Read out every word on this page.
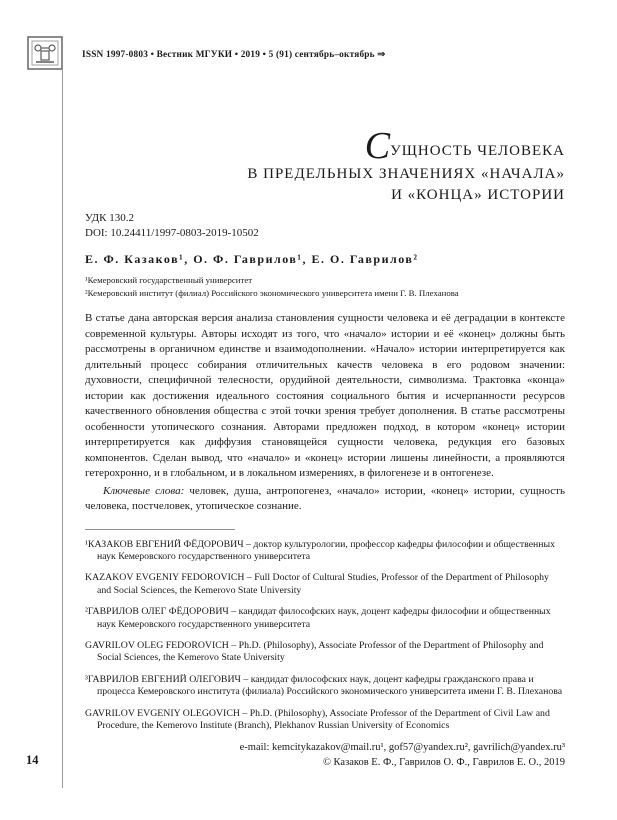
ISSN 1997-0803 • Вестник МГУКИ • 2019 • 5 (91) сентябрь–октябрь ⇒
СУЩНОСТЬ ЧЕЛОВЕКА
В ПРЕДЕЛЬНЫХ ЗНАЧЕНИЯХ «НАЧАЛА»
И «КОНЦА» ИСТОРИИ
УДК 130.2
DOI: 10.24411/1997-0803-2019-10502
Е. Ф. Казаков¹, О. Ф. Гаврилов¹, Е. О. Гаврилов²
¹Кемеровский государственный университет
²Кемеровский институт (филиал) Российского экономического университета имени Г. В. Плеханова

В статье дана авторская версия анализа становления сущности человека и её деградации в контексте современной культуры. Авторы исходят из того, что «начало» истории и её «конец» должны быть рассмотрены в органичном единстве и взаимодополнении. «Начало» истории интерпретируется как длительный процесс собирания отличительных качеств человека в его родовом значении: духовности, специфичной телесности, орудийной деятельности, символизма. Трактовка «конца» истории как достижения идеального состояния социального бытия и исчерпанности ресурсов качественного обновления общества с этой точки зрения требует дополнения. В статье рассмотрены особенности утопического сознания. Авторами предложен подход, в котором «конец» истории интерпретируется как диффузия становящейся сущности человека, редукция его базовых компонентов. Сделан вывод, что «начало» и «конец» истории лишены линейности, а проявляются гетерохронно, и в глобальном, и в локальном измерениях, в филогенезе и в онтогенезе.

Ключевые слова: человек, душа, антропогенез, «начало» истории, «конец» истории, сущность человека, постчеловек, утопическое сознание.

¹КАЗАКОВ ЕВГЕНИЙ ФЁДОРОВИЧ – доктор культурологии, профессор кафедры философии и общественных наук Кемеровского государственного университета
KAZAKOV EVGENIY FEDOROVICH – Full Doctor of Cultural Studies, Professor of the Department of Philosophy and Social Sciences, the Kemerovo State University
²ГАВРИЛОВ ОЛЕГ ФЁДОРОВИЧ – кандидат философских наук, доцент кафедры философии и общественных наук Кемеровского государственного университета
GAVRILOV OLEG FEDOROVICH – Ph.D. (Philosophy), Associate Professor of the Department of Philosophy and Social Sciences, the Kemerovo State University
³ГАВРИЛОВ ЕВГЕНИЙ ОЛЕГОВИЧ – кандидат философских наук, доцент кафедры гражданского права и процесса Кемеровского института (филиала) Российского экономического университета имени Г. В. Плеханова
GAVRILOV EVGENIY OLEGOVICH – Ph.D. (Philosophy), Associate Professor of the Department of Civil Law and Procedure, the Kemerovo Institute (Branch), Plekhanov Russian University of Economics
e-mail: kemcitykazakov@mail.ru¹, gof57@yandex.ru², gavrilich@yandex.ru³
© Казаков Е. Ф., Гаврилов О. Ф., Гаврилов Е. О., 2019
14
